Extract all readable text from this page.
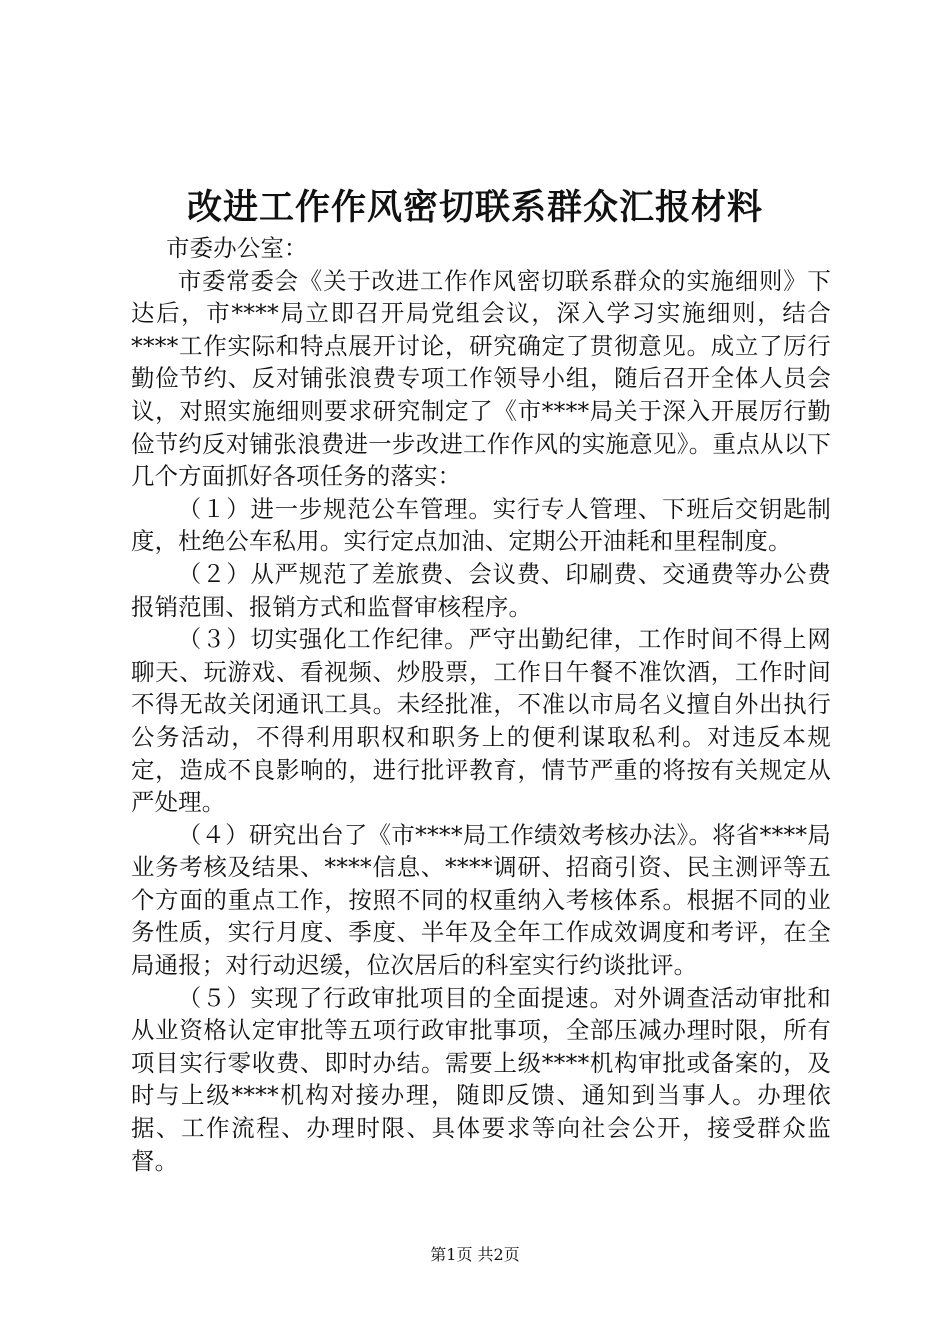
改进工作作风密切联系群众汇报材料

市委办公室：

市委常委会《关于改进工作作风密切联系群众的实施细则》下达后，市****局立即召开局党组会议，深入学习实施细则，结合****工作实际和特点展开讨论，研究确定了贯彻意见。成立了厉行勤俭节约、反对铺张浪费专项工作领导小组，随后召开全体人员会议，对照实施细则要求研究制定了《市****局关于深入开展厉行勤俭节约反对铺张浪费进一步改进工作作风的实施意见》。重点从以下几个方面抓好各项任务的落实：

（１）进一步规范公车管理。实行专人管理、下班后交钥匙制度，杜绝公车私用。实行定点加油、定期公开油耗和里程制度。

（２）从严规范了差旅费、会议费、印刷费、交通费等办公费报销范围、报销方式和监督审核程序。

（３）切实强化工作纪律。严守出勤纪律，工作时间不得上网聊天、玩游戏、看视频、炒股票，工作日午餐不准饮酒，工作时间不得无故关闭通讯工具。未经批准，不准以市局名义擅自外出执行公务活动，不得利用职权和职务上的便利谋取私利。对违反本规定，造成不良影响的，进行批评教育，情节严重的将按有关规定从严处理。

（４）研究出台了《市****局工作绩效考核办法》。将省****局业务考核及结果、****信息、****调研、招商引资、民主测评等五个方面的重点工作，按照不同的权重纳入考核体系。根据不同的业务性质，实行月度、季度、半年及全年工作成效调度和考评，在全局通报；对行动迟缓，位次居后的科室实行约谈批评。

（５）实现了行政审批项目的全面提速。对外调查活动审批和从业资格认定审批等五项行政审批事项，全部压减办理时限，所有项目实行零收费、即时办结。需要上级****机构审批或备案的，及时与上级****机构对接办理，随即反馈、通知到当事人。办理依据、工作流程、办理时限、具体要求等向社会公开，接受群众监督。

第1页 共2页
